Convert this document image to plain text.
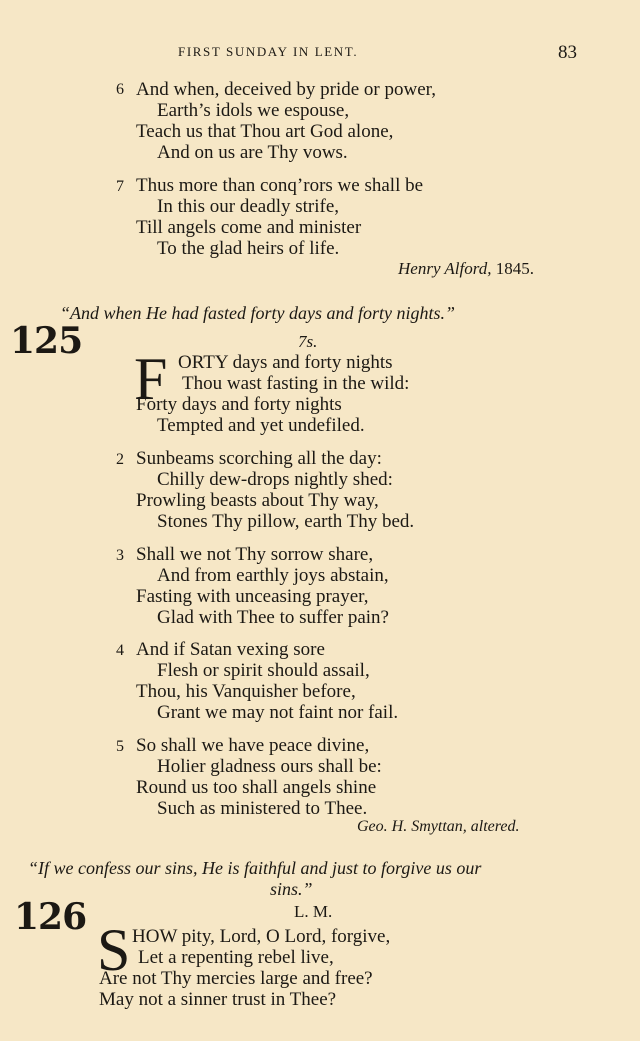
FIRST SUNDAY IN LENT.	83
6 And when, deceived by pride or power,
Earth’s idols we espouse,
Teach us that Thou art God alone,
And on us are Thy vows.
7 Thus more than conq’rors we shall be
In this our deadly strife,
Till angels come and minister
To the glad heirs of life.
Henry Alford, 1845.
“And when He had fasted forty days and forty nights.”
125	7s.
F ORTY days and forty nights
Thou wast fasting in the wild:
Forty days and forty nights
Tempted and yet undefiled.
2 Sunbeams scorching all the day:
Chilly dew-drops nightly shed:
Prowling beasts about Thy way,
Stones Thy pillow, earth Thy bed.
3 Shall we not Thy sorrow share,
And from earthly joys abstain,
Fasting with unceasing prayer,
Glad with Thee to suffer pain?
4 And if Satan vexing sore
Flesh or spirit should assail,
Thou, his Vanquisher before,
Grant we may not faint nor fail.
5 So shall we have peace divine,
Holier gladness ours shall be:
Round us too shall angels shine
Such as ministered to Thee.
Geo. H. Smyttan, altered.
“If we confess our sins, He is faithful and just to forgive us our
sins.”
126	L. M.
S HOW pity, Lord, O Lord, forgive,
Let a repenting rebel live,
Are not Thy mercies large and free?
May not a sinner trust in Thee?
